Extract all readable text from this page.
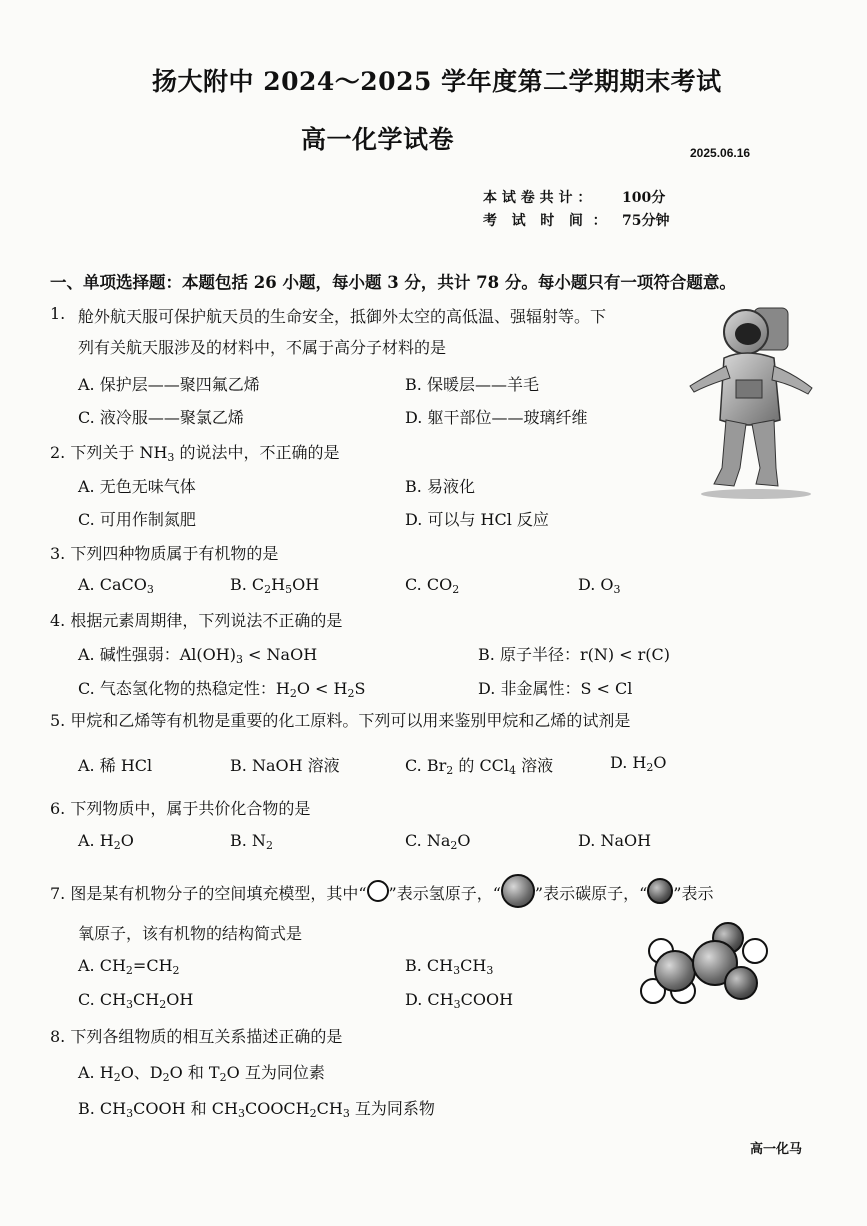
扬大附中 2024～2025 学年度第二学期期末考试
高一化学试卷	2025.06.16
本 试 卷 共 计 ： 100分
考   试   时   间  ： 75分钟
一、单项选择题：本题包括 26 小题，每小题 3 分，共计 78 分。每小题只有一项符合题意。
1. 舱外航天服可保护航天员的生命安全，抵御外太空的高低温、强辐射等。下
列有关航天服涉及的材料中，不属于高分子材料的是
A. 保护层——聚四氟乙烯	B. 保暖层——羊毛
C. 液冷服——聚氯乙烯	D. 躯干部位——玻璃纤维
2. 下列关于 $NH_3$ 的说法中，不正确的是
A. 无色无味气体	B. 易液化
C. 可用作制氮肥	D. 可以与 HCl 反应
3. 下列四种物质属于有机物的是
A. CaCO$_3$	B. $C_2H_5OH$	C. $CO_2$	D. $O_3$
4. 根据元素周期律，下列说法不正确的是
A. 碱性强弱：$Al(OH)_3$ < NaOH	B. 原子半径：r(N) < r(C)
C. 气态氢化物的热稳定性：$H_2O < H_2S$	D. 非金属性：S < Cl
5. 甲烷和乙烯等有机物是重要的化工原料。下列可以用来鉴别甲烷和乙烯的试剂是
A. 稀 HCl	B. NaOH 溶液	C. $Br_2$ 的 CCl$_4$ 溶液	D. $H_2O$
6. 下列物质中，属于共价化合物的是
A. $H_2O$	B. $N_2$	C. $Na_2O$	D. NaOH
7. 图是某有机物分子的空间填充模型，其中“ ”表示氢原子，“ ”表示碳原子，“ ”表示
氧原子，该有机物的结构简式是
A. $CH_2=CH_2$	B. $CH_3CH_3$
C. $CH_3CH_2OH$	D. $CH_3COOH$
8. 下列各组物质的相互关系描述正确的是
A. $H_2O$、$D_2O$ 和 $T_2O$ 互为同位素
B. $CH_3COOH$ 和 $CH_3COOCH_2CH_3$ 互为同系物
高一化马
